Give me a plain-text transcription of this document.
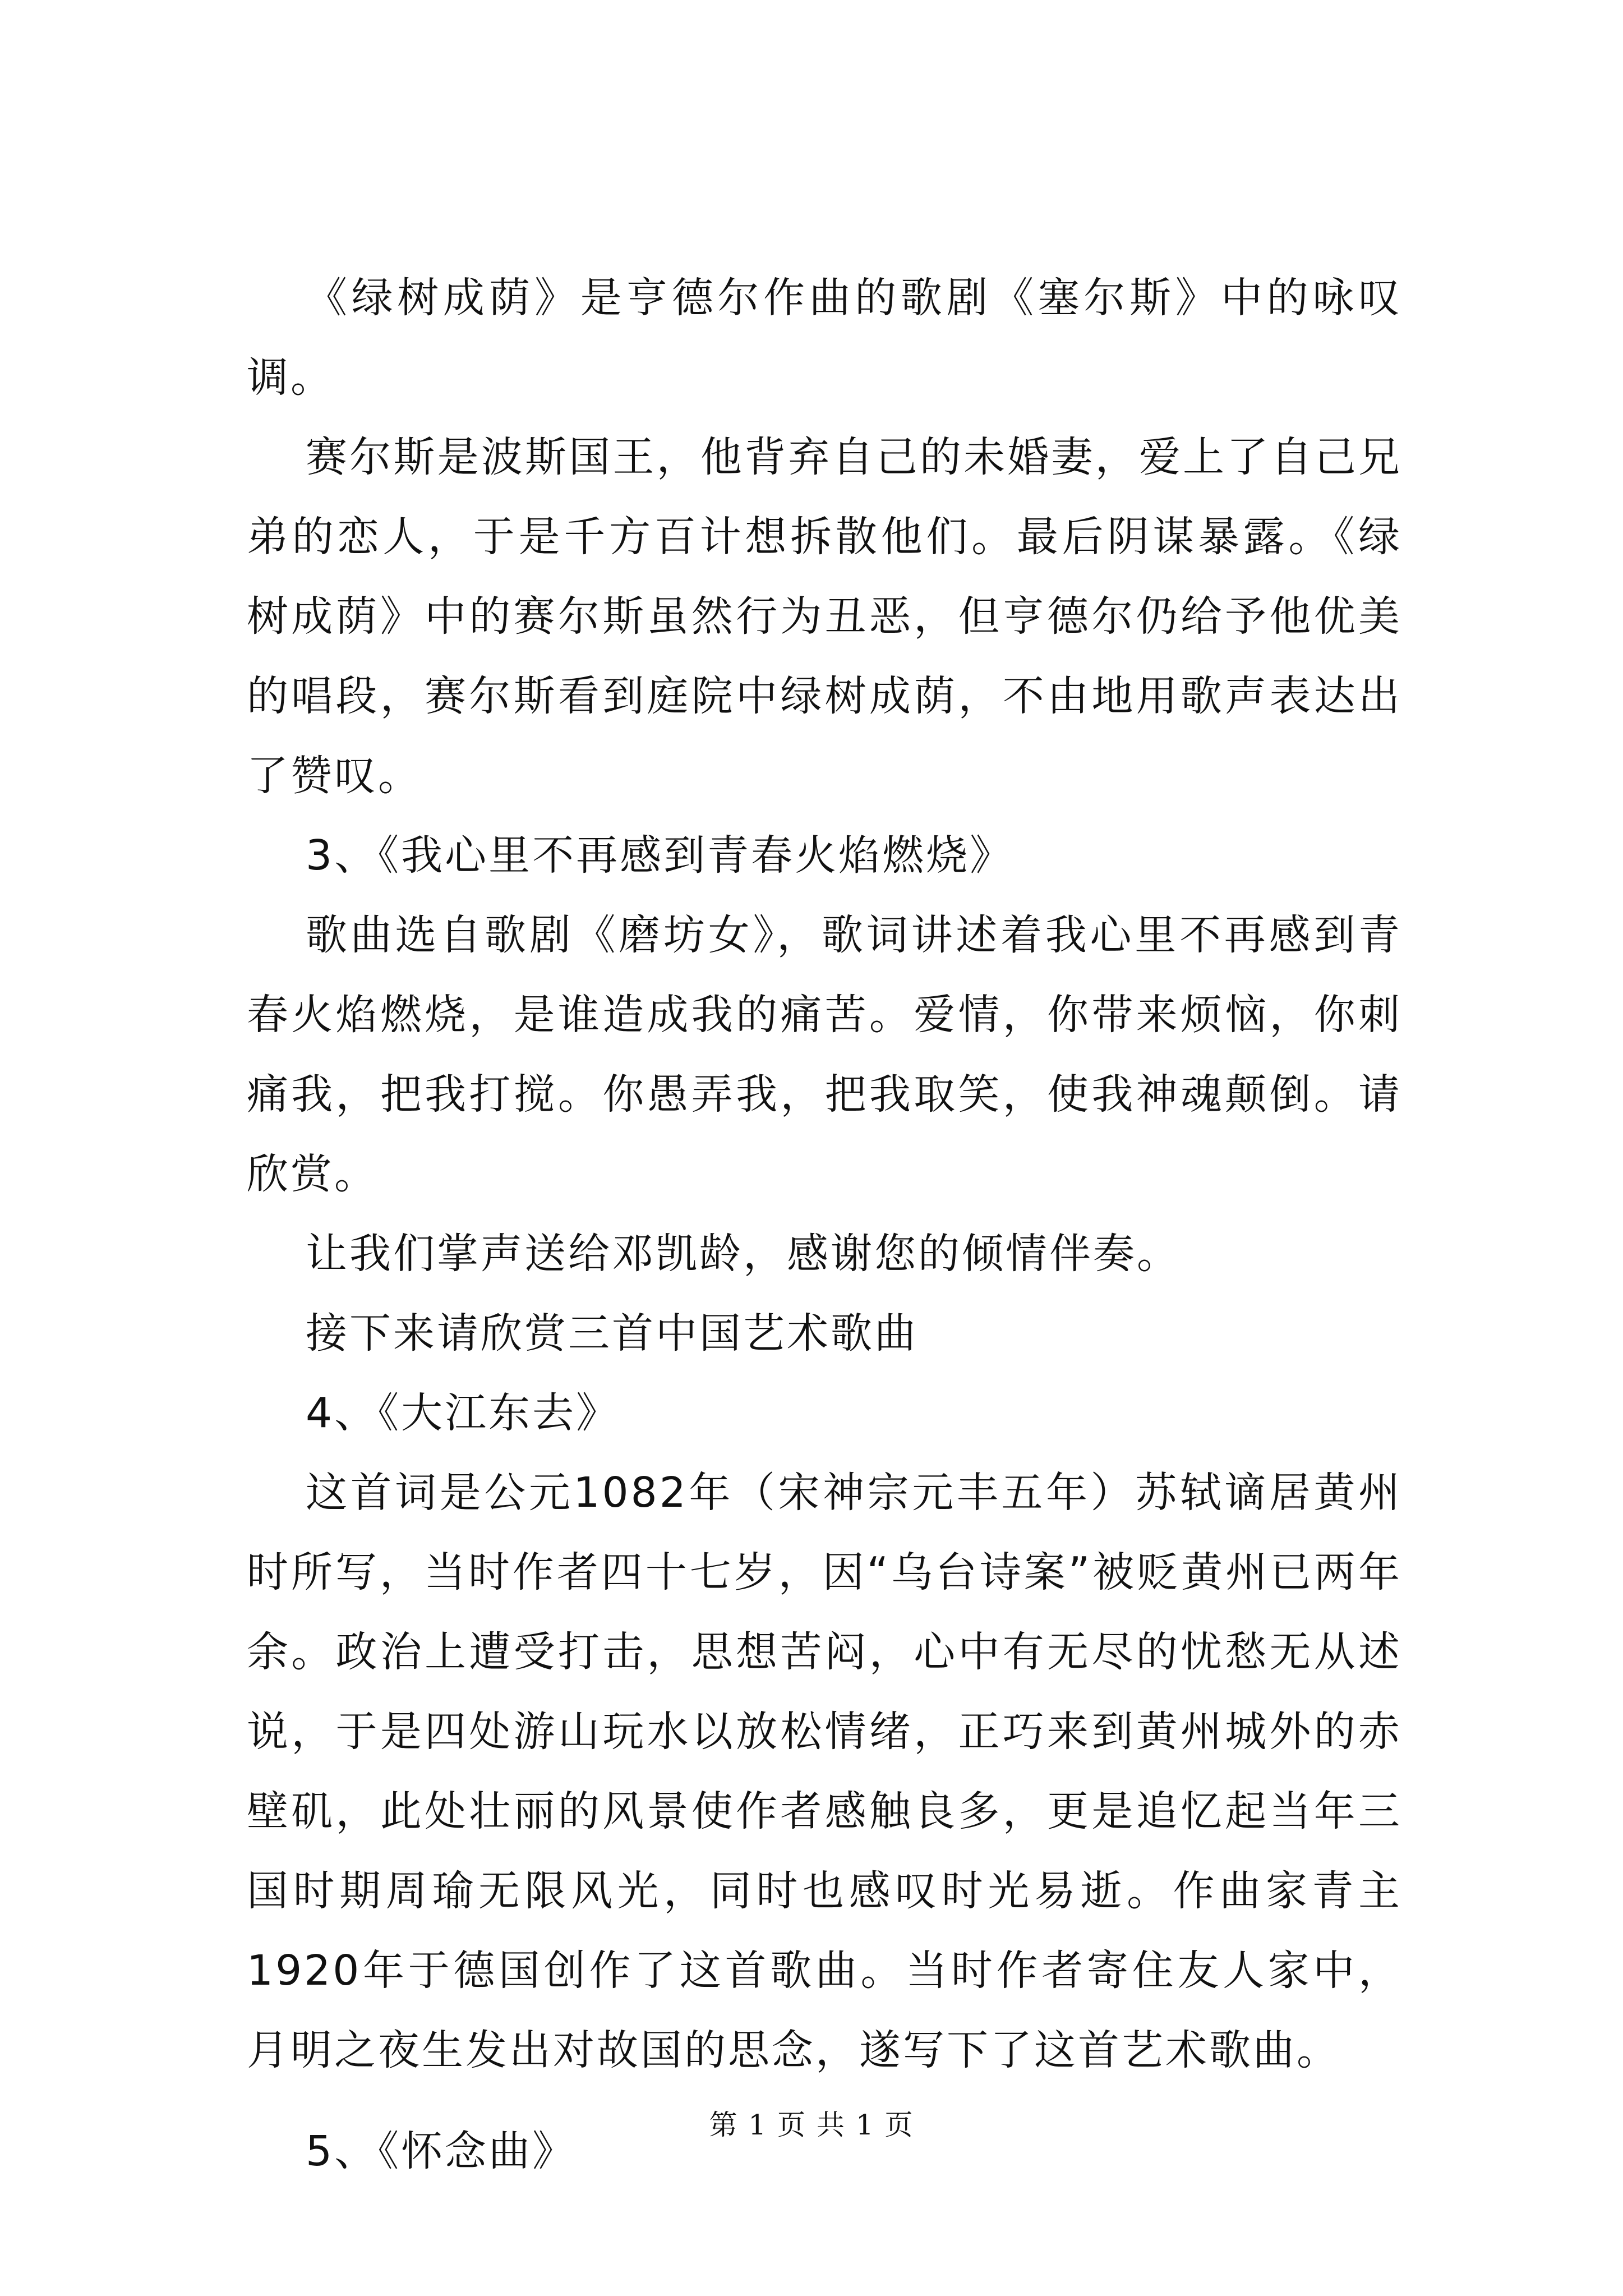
《绿树成荫》是亨德尔作曲的歌剧《塞尔斯》中的咏叹调。

赛尔斯是波斯国王，他背弃自己的未婚妻，爱上了自己兄弟的恋人，于是千方百计想拆散他们。最后阴谋暴露。《绿树成荫》中的赛尔斯虽然行为丑恶，但亨德尔仍给予他优美的唱段，赛尔斯看到庭院中绿树成荫，不由地用歌声表达出了赞叹。

3、《我心里不再感到青春火焰燃烧》

歌曲选自歌剧《磨坊女》，歌词讲述着我心里不再感到青春火焰燃烧，是谁造成我的痛苦。爱情，你带来烦恼，你刺痛我，把我打搅。你愚弄我，把我取笑，使我神魂颠倒。请欣赏。

让我们掌声送给邓凯龄，感谢您的倾情伴奏。

接下来请欣赏三首中国艺术歌曲

4、《大江东去》

这首词是公元1082年（宋神宗元丰五年）苏轼谪居黄州时所写，当时作者四十七岁，因“乌台诗案”被贬黄州已两年余。政治上遭受打击，思想苦闷，心中有无尽的忧愁无从述说，于是四处游山玩水以放松情绪，正巧来到黄州城外的赤壁矶，此处壮丽的风景使作者感触良多，更是追忆起当年三国时期周瑜无限风光，同时也感叹时光易逝。作曲家青主1920年于德国创作了这首歌曲。当时作者寄住友人家中，月明之夜生发出对故国的思念，遂写下了这首艺术歌曲。

5、《怀念曲》

第 1 页 共 1 页
